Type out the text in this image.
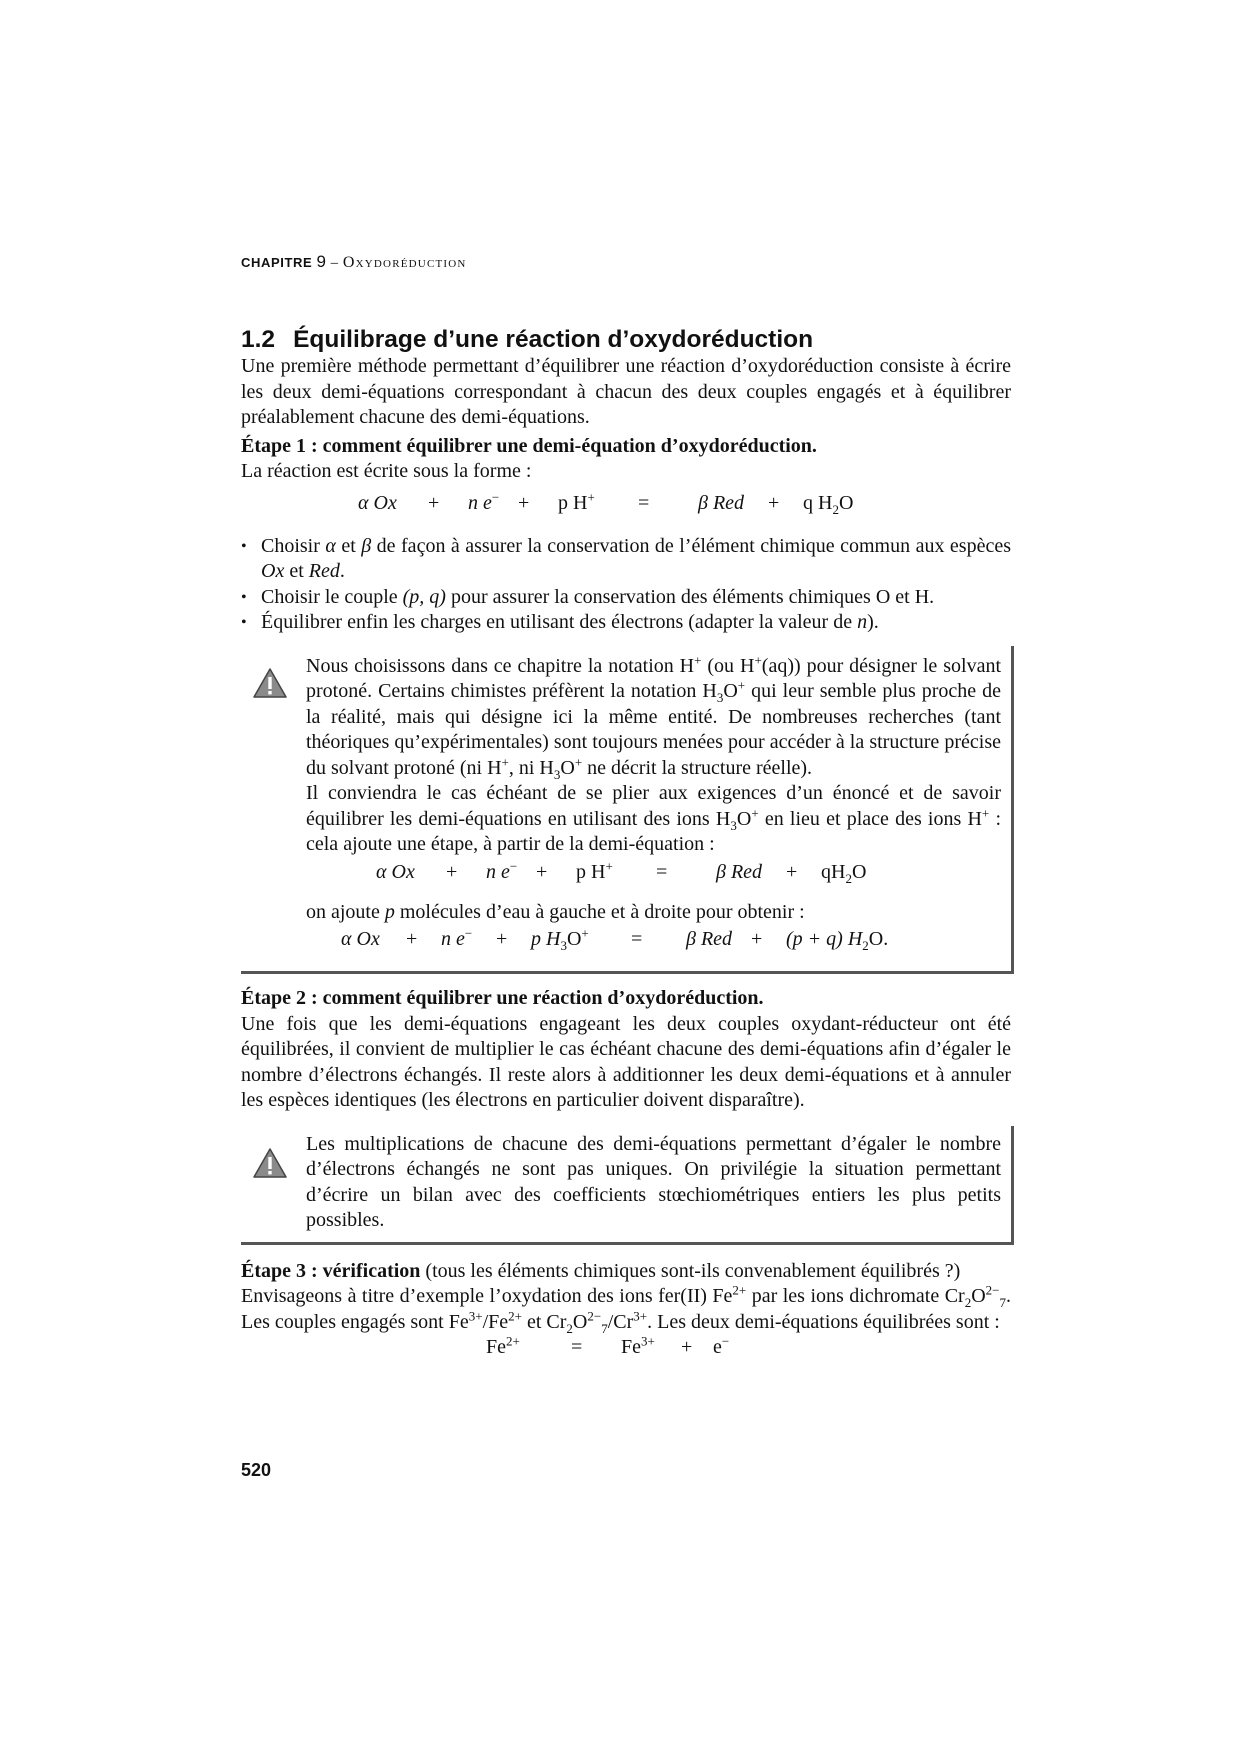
CHAPITRE 9 – Oxydoréduction
1.2 Équilibrage d’une réaction d’oxydoréduction

Une première méthode permettant d’équilibrer une réaction d’oxydoréduction consiste à écrire les deux demi-équations correspondant à chacun des deux couples engagés et à équilibrer préalablement chacune des demi-équations.

Étape 1 : comment équilibrer une demi-équation d’oxydoréduction.

La réaction est écrite sous la forme :

α Ox	+	n e− +	p H+	=	β Red	+	q $H_2O$
• Choisir α et β de façon à assurer la conservation de l’élément chimique commun aux espèces Ox et Red.
• Choisir le couple (p, q) pour assurer la conservation des éléments chimiques O et H.
• Équilibrer enfin les charges en utilisant des électrons (adapter la valeur de n).

Nous choisissons dans ce chapitre la notation H+ (ou H+(aq)) pour désigner le solvant protoné. Certains chimistes préfèrent la notation $H_3O^+$ qui leur semble plus proche de la réalité, mais qui désigne ici la même entité. De nombreuses recherches (tant théoriques qu’expérimentales) sont toujours menées pour accéder à la structure précise du solvant protoné (ni H+, ni $H_3O^+$ ne décrit la structure réelle).

Il conviendra le cas échéant de se plier aux exigences d’un énoncé et de savoir équilibrer les demi-équations en utilisant des ions $H_3O^+$ en lieu et place des ions H+ : cela ajoute une étape, à partir de la demi-équation :

α Ox	+	n e− +	p H+	=	β Red	+	$qH_2O$

on ajoute p molécules d’eau à gauche et à droite pour obtenir :

α Ox	+	n e−	+	p $H_3O^+$	=	β Red +	(p + q) $H_2O$.

Étape 2 : comment équilibrer une réaction d’oxydoréduction.

Une fois que les demi-équations engageant les deux couples oxydant-réducteur ont été équilibrées, il convient de multiplier le cas échéant chacune des demi-équations afin d’égaler le nombre d’électrons échangés. Il reste alors à additionner les deux demi-équations et à annuler les espèces identiques (les électrons en particulier doivent disparaître).

Les multiplications de chacune des demi-équations permettant d’égaler le nombre d’électrons échangés ne sont pas uniques. On privilégie la situation permettant d’écrire un bilan avec des coefficients stœchiométriques entiers les plus petits possibles.

Étape 3 : vérification (tous les éléments chimiques sont-ils convenablement équilibrés ?)

Envisageons à titre d’exemple l’oxydation des ions fer(II) $Fe^{2+}$ par les ions dichromate $Cr_2O^{2-}_7$. Les couples engagés sont $Fe^{3+}/Fe^{2+}$ et $Cr_2O^{2-}_7/Cr^{3+}$. Les deux demi-équations équilibrées sont :

$Fe^{2+}$	=	$Fe^{3+}$	+	e−
520
